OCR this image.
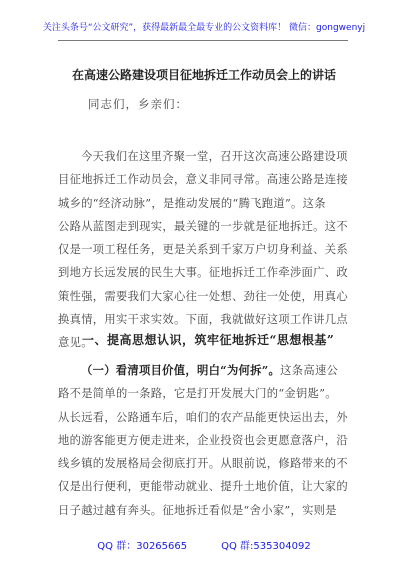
关注头条号“公文研究”，获得最新最全最专业的公文资料库！ 微信：gongwenyj
在高速公路建设项目征地拆迁工作动员会上的讲话
同志们，乡亲们：
今天我们在这里齐聚一堂，召开这次高速公路建设项
目征地拆迁工作动员会，意义非同寻常。高速公路是连接
城乡的“经济动脉”，是推动发展的“腾飞跑道”。这条
公路从蓝图走到现实，最关键的一步就是征地拆迁。这不
仅是一项工程任务，更是关系到千家万户切身利益、关系
到地方长远发展的民生大事。征地拆迁工作牵涉面广、政
策性强，需要我们大家心往一处想、劲往一处使，用真心
换真情，用实干求实效。下面，我就做好这项工作讲几点
意见。
一、提高思想认识，筑牢征地拆迁“思想根基”
（一）看清项目价值，明白“为何拆”。这条高速公
路不是简单的一条路，它是打开发展大门的“金钥匙”。
从长远看，公路通车后，咱们的农产品能更快运出去，外
地的游客能更方便走进来，企业投资也会更愿意落户，沿
线乡镇的发展格局会彻底打开。从眼前说，修路带来的不
仅是出行便利，更能带动就业、提升土地价值，让大家的
日子越过越有奔头。征地拆迁看似是“舍小家”，实则是
QQ 群：30265665	QQ 群:535304092
